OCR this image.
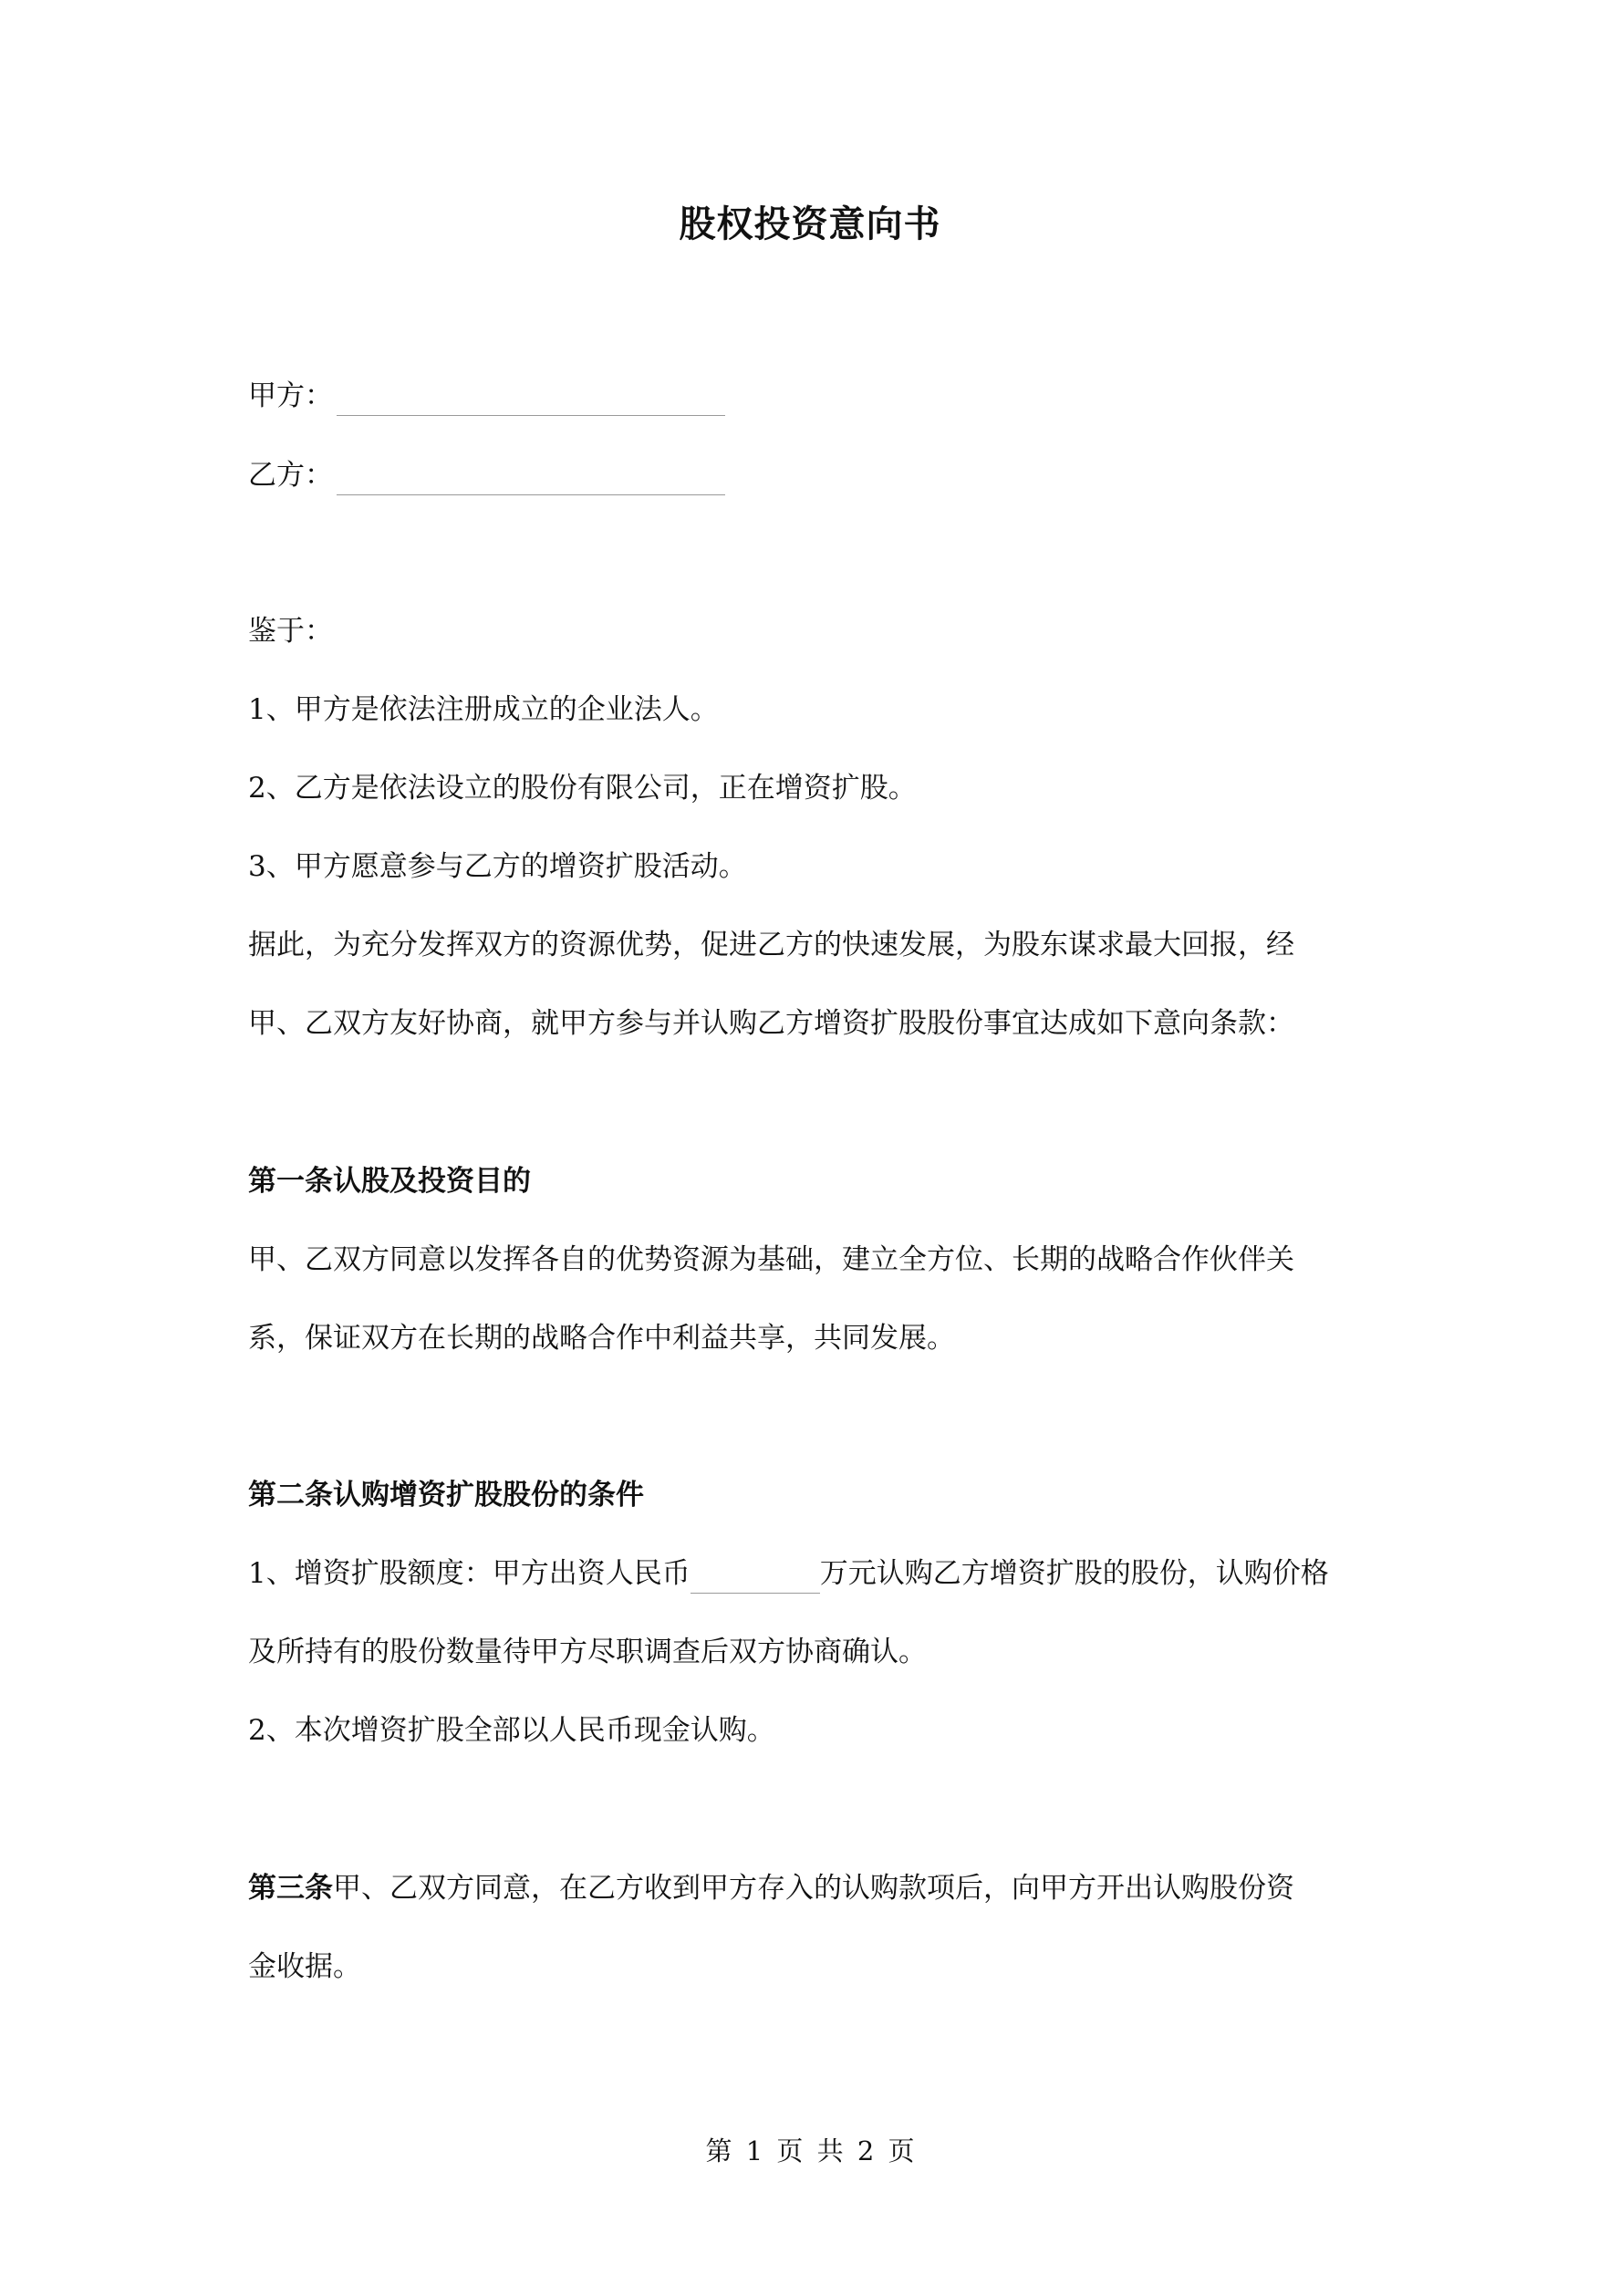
股权投资意向书
甲方：
乙方：
鉴于：
1、甲方是依法注册成立的企业法人。
2、乙方是依法设立的股份有限公司，正在增资扩股。
3、甲方愿意参与乙方的增资扩股活动。
据此，为充分发挥双方的资源优势，促进乙方的快速发展，为股东谋求最大回报，经
甲、乙双方友好协商，就甲方参与并认购乙方增资扩股股份事宜达成如下意向条款：
第一条认股及投资目的
甲、乙双方同意以发挥各自的优势资源为基础，建立全方位、长期的战略合作伙伴关
系，保证双方在长期的战略合作中利益共享，共同发展。
第二条认购增资扩股股份的条件
1、增资扩股额度：甲方出资人民币	万元认购乙方增资扩股的股份，认购价格
及所持有的股份数量待甲方尽职调查后双方协商确认。
2、本次增资扩股全部以人民币现金认购。
第三条甲、乙双方同意，在乙方收到甲方存入的认购款项后，向甲方开出认购股份资
金收据。
第 1 页 共 2 页
